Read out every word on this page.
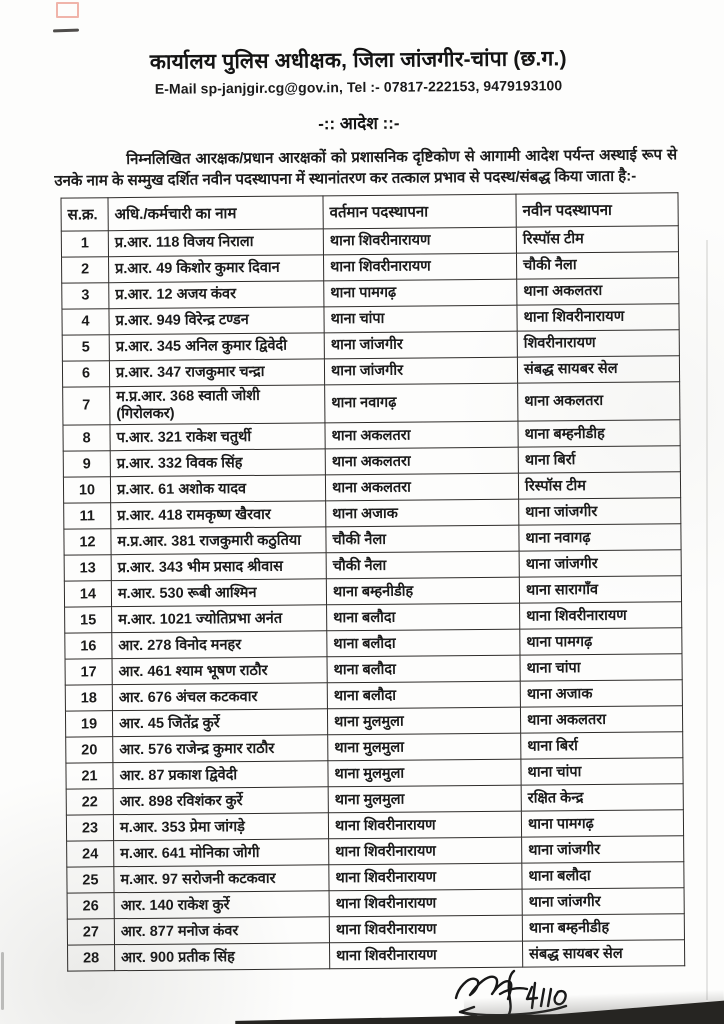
कार्यालय पुलिस अधीक्षक, जिला जांजगीर-चांपा (छ.ग.)
E-Mail sp-janjgir.cg@gov.in, Tel :- 07817-222153, 9479193100
-:: आदेश ::-

निम्नलिखित आरक्षक/प्रधान आरक्षकों को प्रशासनिक दृष्टिकोण से आगामी आदेश पर्यन्त अस्थाई रूप से उनके नाम के सम्मुख दर्शित नवीन पदस्थापना में स्थानांतरण कर तत्काल प्रभाव से पदस्थ/संबद्ध किया जाता है:-

स.क्र.	अधि./कर्मचारी का नाम	वर्तमान पदस्थापना	नवीन पदस्थापना
1	प्र.आर. 118 विजय निराला	थाना शिवरीनारायण	रिस्पॉस टीम
2	प्र.आर. 49 किशोर कुमार दिवान	थाना शिवरीनारायण	चौकी नैला
3	प्र.आर. 12 अजय कंवर	थाना पामगढ़	थाना अकलतरा
4	प्र.आर. 949 विरेन्द्र टण्डन	थाना चांपा	थाना शिवरीनारायण
5	प्र.आर. 345 अनिल कुमार द्विवेदी	थाना जांजगीर	शिवरीनारायण
6	प्र.आर. 347 राजकुमार चन्द्रा	थाना जांजगीर	संबद्ध सायबर सेल
7	म.प्र.आर. 368 स्वाती जोशी (गिरोलकर)	थाना नवागढ़	थाना अकलतरा
8	प.आर. 321 राकेश चतुर्थी	थाना अकलतरा	थाना बम्हनीडीह
9	प्र.आर. 332 विवक सिंह	थाना अकलतरा	थाना बिर्रा
10	प्र.आर. 61 अशोक यादव	थाना अकलतरा	रिस्पॉस टीम
11	प्र.आर. 418 रामकृष्ण खैरवार	थाना अजाक	थाना जांजगीर
12	म.प्र.आर. 381 राजकुमारी कठुतिया	चौकी नैला	थाना नवागढ़
13	प्र.आर. 343 भीम प्रसाद श्रीवास	चौकी नैला	थाना जांजगीर
14	म.आर. 530 रूबी आश्मिन	थाना बम्हनीडीह	थाना सारागाँव
15	म.आर. 1021 ज्योतिप्रभा अनंत	थाना बलौदा	थाना शिवरीनारायण
16	आर. 278 विनोद मनहर	थाना बलौदा	थाना पामगढ़
17	आर. 461 श्याम भूषण राठौर	थाना बलौदा	थाना चांपा
18	आर. 676 अंचल कटकवार	थाना बलौदा	थाना अजाक
19	आर. 45 जितेंद्र कुर्रे	थाना मुलमुला	थाना अकलतरा
20	आर. 576 राजेन्द्र कुमार राठौर	थाना मुलमुला	थाना बिर्रा
21	आर. 87 प्रकाश द्विवेदी	थाना मुलमुला	थाना चांपा
22	आर. 898 रविशंकर कुर्रे	थाना मुलमुला	रक्षित केन्द्र
23	म.आर. 353 प्रेमा जांगड़े	थाना शिवरीनारायण	थाना पामगढ़
24	म.आर. 641 मोनिका जोगी	थाना शिवरीनारायण	थाना जांजगीर
25	म.आर. 97 सरोजनी कटकवार	थाना शिवरीनारायण	थाना बलौदा
26	आर. 140 राकेश कुर्रे	थाना शिवरीनारायण	थाना जांजगीर
27	आर. 877 मनोज कंवर	थाना शिवरीनारायण	थाना बम्हनीडीह
28	आर. 900 प्रतीक सिंह	थाना शिवरीनारायण	संबद्ध सायबर सेल
